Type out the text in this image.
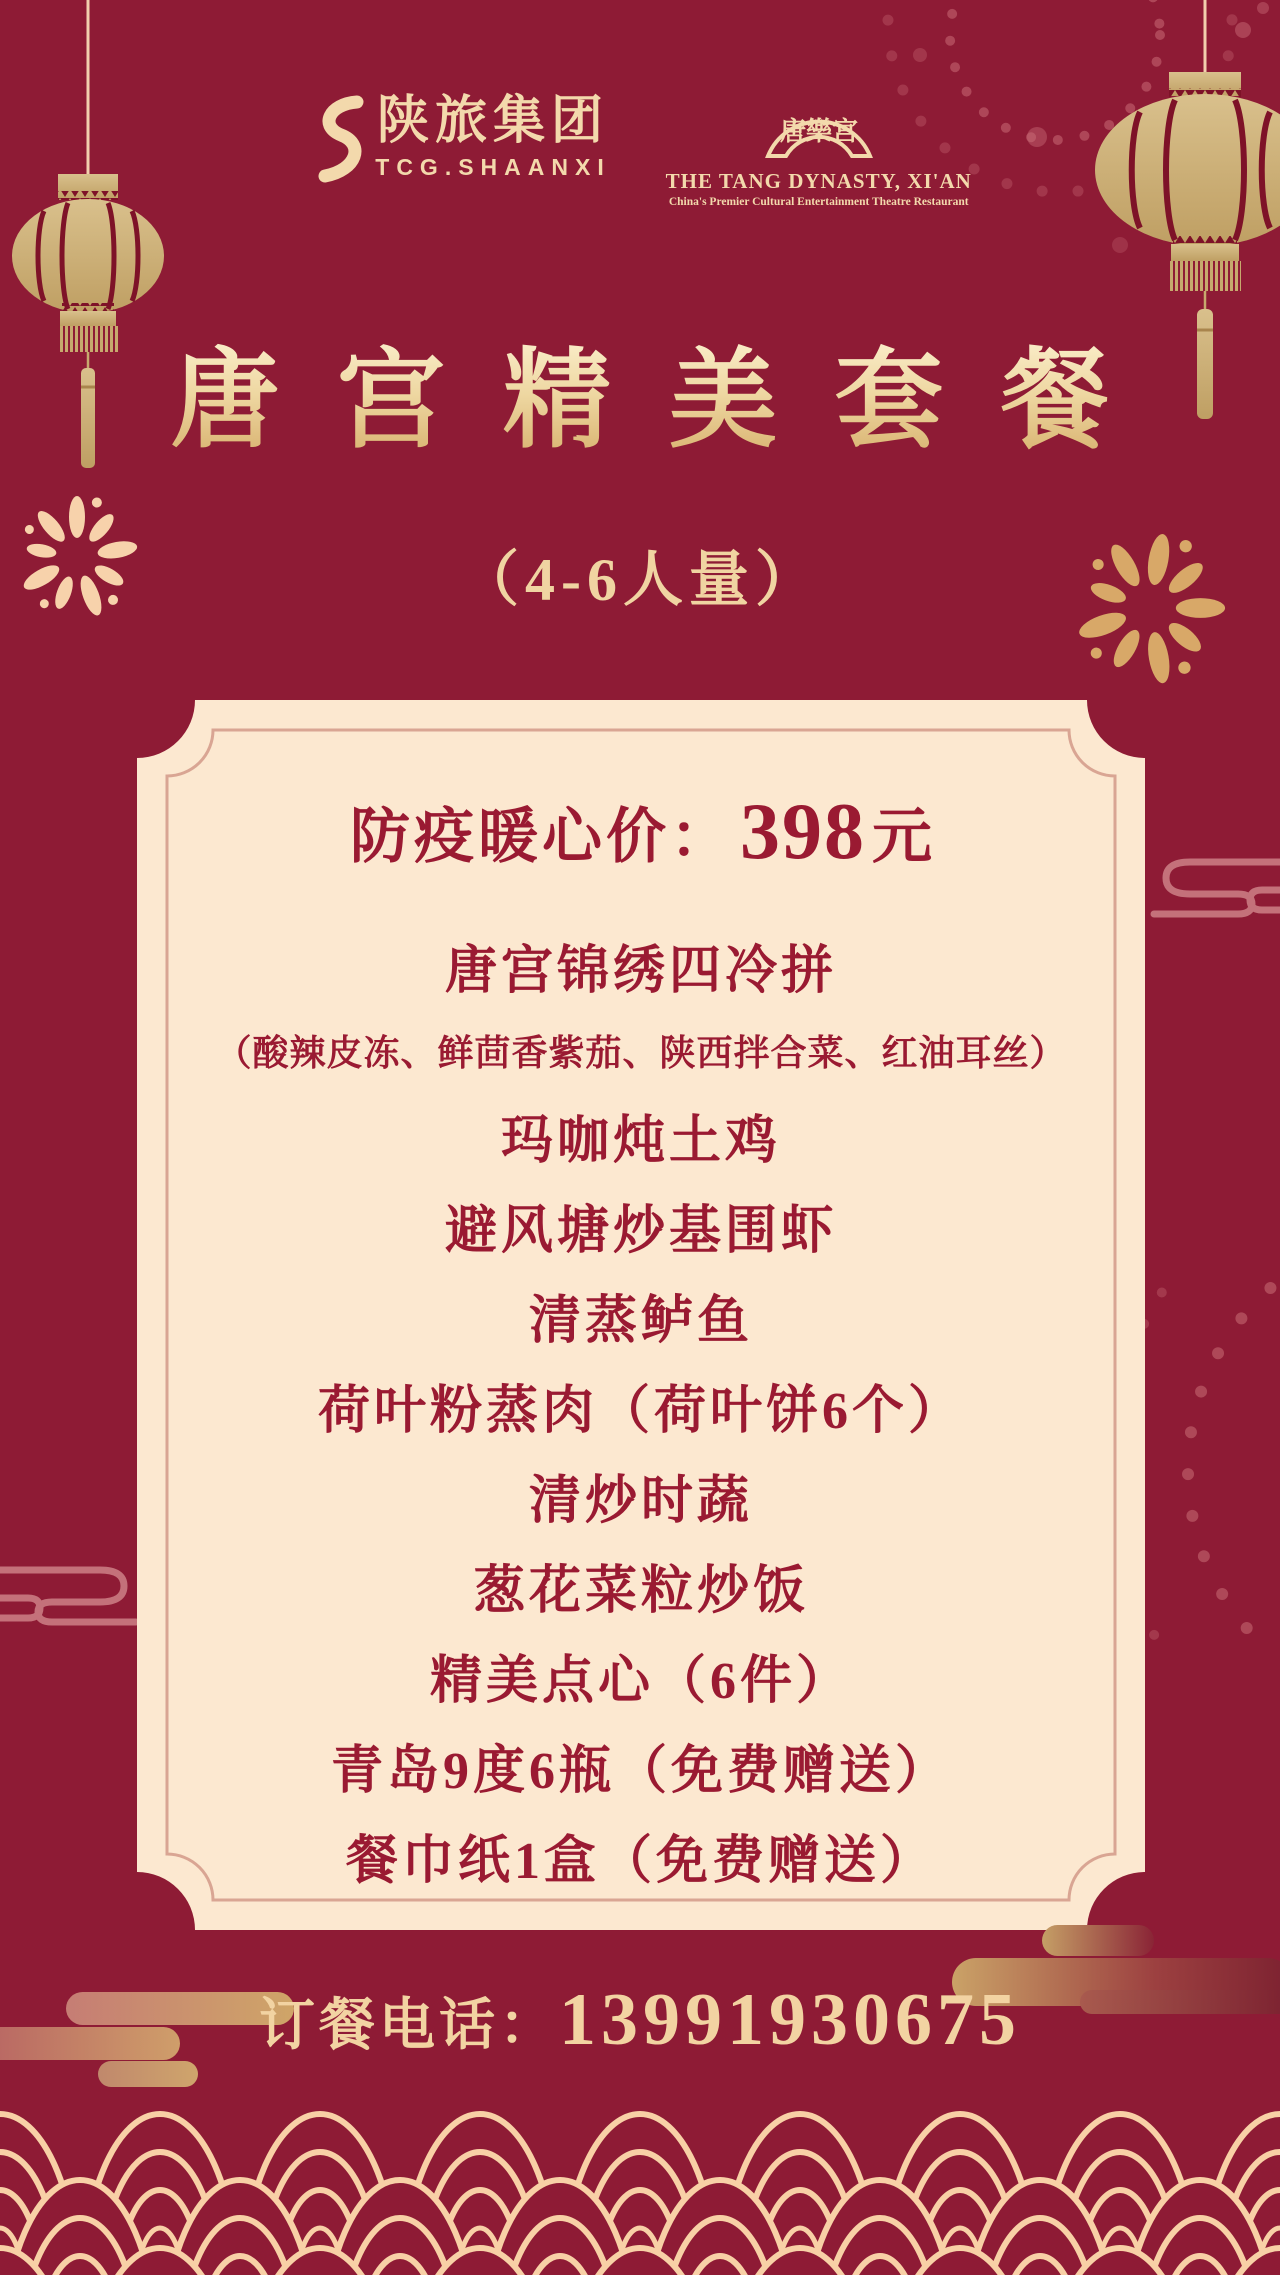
陕旅集团
TCG.SHAANXI
唐樂宫
THE TANG DYNASTY, XI'AN
China's Premier Cultural Entertainment Theatre Restaurant
唐宫精美套餐
（4-6人量）
防疫暖心价： 398 元
唐宫锦绣四冷拼
（酸辣皮冻、鲜茴香紫茄、陕西拌合菜、红油耳丝）
玛咖炖土鸡
避风塘炒基围虾
清蒸鲈鱼
荷叶粉蒸肉（荷叶饼6个）
清炒时蔬
葱花菜粒炒饭
精美点心（6件）
青岛9度6瓶（免费赠送）
餐巾纸1盒（免费赠送）
订餐电话： 13991930675
